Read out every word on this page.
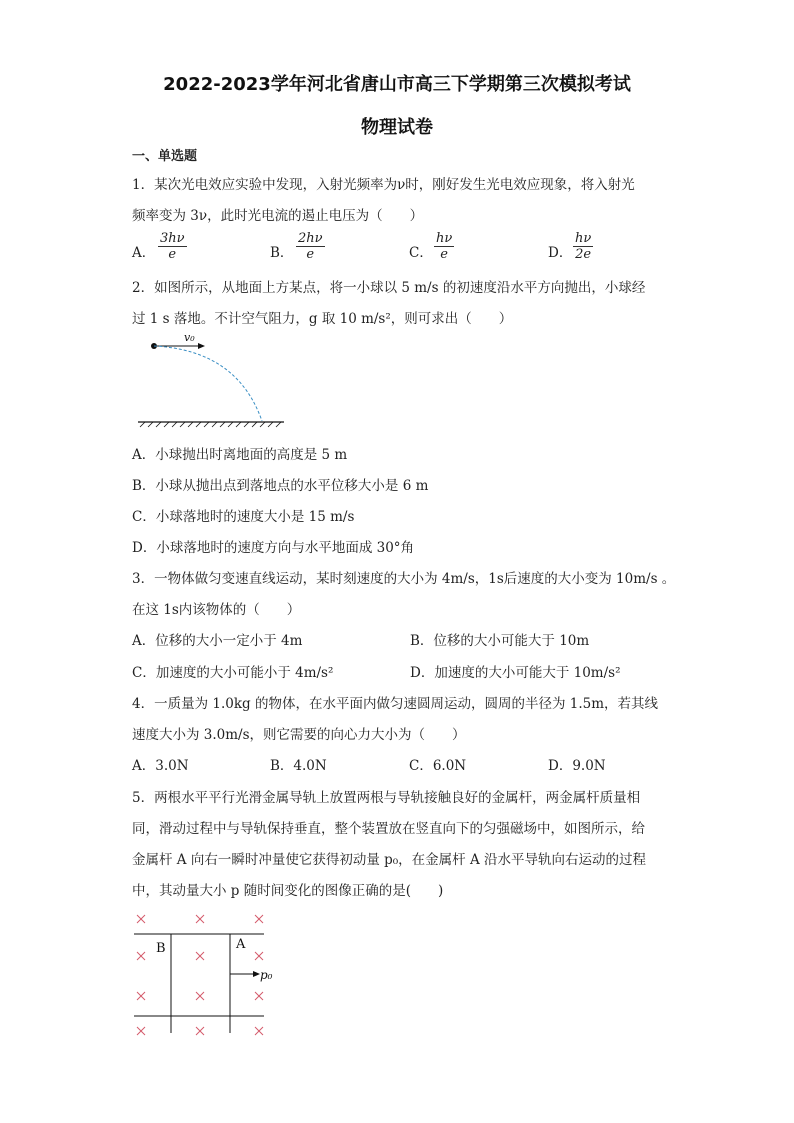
2022-2023学年河北省唐山市高三下学期第三次模拟考试
物理试卷
一、单选题
1．某次光电效应实验中发现，入射光频率为ν时，刚好发生光电效应现象，将入射光
频率变为 3ν，此时光电流的遏止电压为（　　）
A． $\frac{3h\nu}{e}$	B． $\frac{2h\nu}{e}$	C． $\frac{h\nu}{e}$	D． $\frac{h\nu}{2e}$
2．如图所示，从地面上方某点，将一小球以 5 m/s 的初速度沿水平方向抛出，小球经
过 1 s 落地。不计空气阻力，g 取 10 m/s²，则可求出（　　）
v₀
A．小球抛出时离地面的高度是 5 m
B．小球从抛出点到落地点的水平位移大小是 6 m
C．小球落地时的速度大小是 15 m/s
D．小球落地时的速度方向与水平地面成 30°角
3．一物体做匀变速直线运动，某时刻速度的大小为 4m/s，1s后速度的大小变为 10m/s 。
在这 1s内该物体的（　　）
A．位移的大小一定小于 4m	B．位移的大小可能大于 10m
C．加速度的大小可能小于 4m/s²	D．加速度的大小可能大于 10m/s²
4．一质量为 1.0kg 的物体，在水平面内做匀速圆周运动，圆周的半径为 1.5m，若其线
速度大小为 3.0m/s，则它需要的向心力大小为（　　）
A．3.0N	B．4.0N	C．6.0N	D．9.0N
5．两根水平平行光滑金属导轨上放置两根与导轨接触良好的金属杆，两金属杆质量相
同，滑动过程中与导轨保持垂直，整个装置放在竖直向下的匀强磁场中，如图所示，给
金属杆 A 向右一瞬时冲量使它获得初动量 p₀，在金属杆 A 沿水平导轨向右运动的过程
中，其动量大小 p 随时间变化的图像正确的是(　　)
B	A
p₀
